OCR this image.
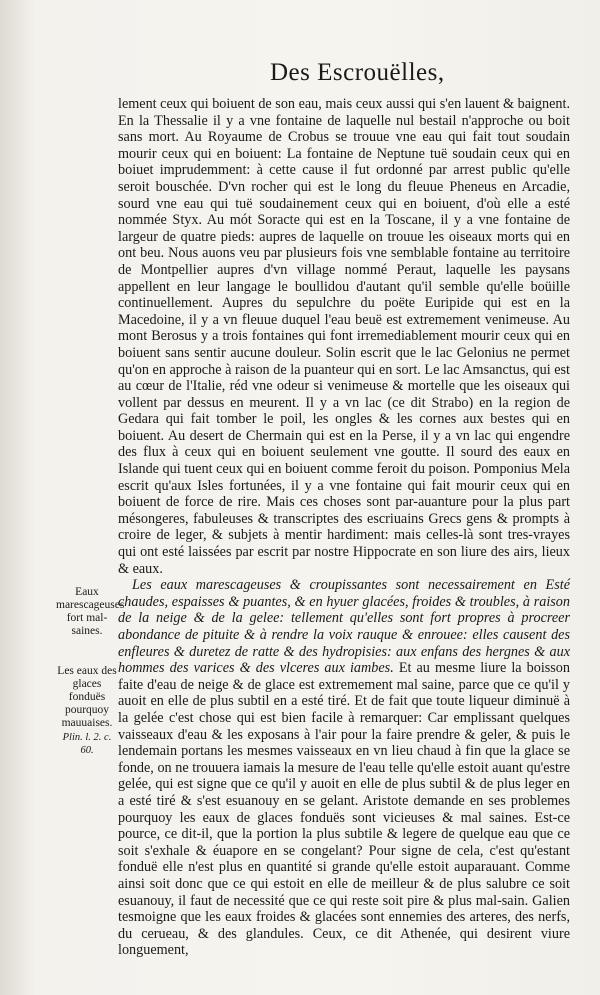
Des Escrouëlles,

lement ceux qui boiuent de son eau, mais ceux aussi qui s'en lauent & baignent. En la Thessalie il y a vne fontaine de laquelle nul bestail n'approche ou boit sans mort. Au Royaume de Crobus se trouue vne eau qui fait tout soudain mourir ceux qui en boiuent: La fontaine de Neptune tuë soudain ceux qui en boiuet imprudemment: à cette cause il fut ordonné par arrest public qu'elle seroit bouschée. D'vn rocher qui est le long du fleuue Pheneus en Arcadie, sourd vne eau qui tuë soudainement ceux qui en boiuent, d'où elle a esté nommée Styx. Au mót Soracte qui est en la Toscane, il y a vne fontaine de largeur de quatre pieds: aupres de laquelle on trouue les oiseaux morts qui en ont beu. Nous auons veu par plusieurs fois vne semblable fontaine au territoire de Montpellier aupres d'vn village nommé Peraut, laquelle les paysans appellent en leur langage le boullidou d'autant qu'il semble qu'elle boüille continuellement. Aupres du sepulchre du poëte Euripide qui est en la Macedoine, il y a vn fleuue duquel l'eau beuë est extremement venimeuse. Au mont Berosus y a trois fontaines qui font irremediablement mourir ceux qui en boiuent sans sentir aucune douleur. Solin escrit que le lac Gelonius ne permet qu'on en approche à raison de la puanteur qui en sort. Le lac Amsanctus, qui est au cœur de l'Italie, réd vne odeur si venimeuse & mortelle que les oiseaux qui vollent par dessus en meurent. Il y a vn lac (ce dit Strabo) en la region de Gedara qui fait tomber le poil, les ongles & les cornes aux bestes qui en boiuent. Au desert de Chermain qui est en la Perse, il y a vn lac qui engendre des flux à ceux qui en boiuent seulement vne goutte. Il sourd des eaux en Islande qui tuent ceux qui en boiuent comme feroit du poison. Pomponius Mela escrit qu'aux Isles fortunées, il y a vne fontaine qui fait mourir ceux qui en boiuent de force de rire. Mais ces choses sont par-auanture pour la plus part mésongeres, fabuleuses & transcriptes des escriuains Grecs gens & prompts à croire de leger, & subjets à mentir hardiment: mais celles-là sont tres-vrayes qui ont esté laissées par escrit par nostre Hippocrate en son liure des airs, lieux & eaux.

Les eaux marescageuses & croupissantes sont necessairement en Esté chaudes, espaisses & puantes, & en hyuer glacées, froides & troubles, à raison de la neige & de la gelee: tellement qu'elles sont fort propres à procreer abondance de pituite & à rendre la voix rauque & enrouee: elles causent des enfleures & duretez de ratte & des hydropisies: aux enfans des hergnes & aux hommes des varices & des vlceres aux iambes. Et au mesme liure la boisson faite d'eau de neige & de glace est extremement mal saine, parce que ce qu'il y auoit en elle de plus subtil en a esté tiré. Et de fait que toute liqueur diminuë à la gelée c'est chose qui est bien facile à remarquer: Car emplissant quelques vaisseaux d'eau & les exposans à l'air pour la faire prendre & geler, & puis le lendemain portans les mesmes vaisseaux en vn lieu chaud à fin que la glace se fonde, on ne trouuera iamais la mesure de l'eau telle qu'elle estoit auant qu'estre gelée, qui est signe que ce qu'il y auoit en elle de plus subtil & de plus leger en a esté tiré & s'est esuanouy en se gelant. Aristote demande en ses problemes pourquoy les eaux de glaces fonduës sont vicieuses & mal saines. Est-ce pource, ce dit-il, que la portion la plus subtile & legere de quelque eau que ce soit s'exhale & éuapore en se congelant? Pour signe de cela, c'est qu'estant fonduë elle n'est plus en quantité si grande qu'elle estoit auparauant. Comme ainsi soit donc que ce qui estoit en elle de meilleur & de plus salubre ce soit esuanouy, il faut de necessité que ce qui reste soit pire & plus mal-sain. Galien tesmoigne que les eaux froides & glacées sont ennemies des arteres, des nerfs, du cerueau, & des glandules. Ceux, ce dit Athenée, qui desirent viure longuement,

Eaux marescageuses fort mal-saines.
Les eaux des glaces fonduës pourquoy mauuaises.
Plin. l. 2. c. 60.
